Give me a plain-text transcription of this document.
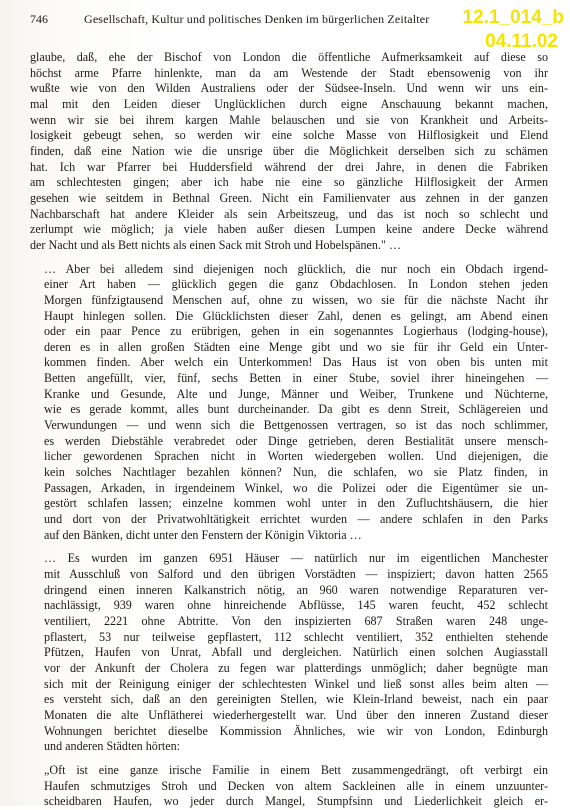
746	Gesellschaft, Kultur und politisches Denken im bürgerlichen Zeitalter	12.1_014_b

04.11.02

glaube, daß, ehe der Bischof von London die öffentliche Aufmerksamkeit auf diese so
höchst arme Pfarre hinlenkte, man da am Westende der Stadt ebensowenig von ihr
wußte wie von den Wilden Australiens oder der Südsee-Inseln. Und wenn wir uns ein-
mal mit den Leiden dieser Unglücklichen durch eigne Anschauung bekannt machen,
wenn wir sie bei ihrem kargen Mahle belauschen und sie von Krankheit und Arbeits-
losigkeit gebeugt sehen, so werden wir eine solche Masse von Hilflosigkeit und Elend
finden, daß eine Nation wie die unsrige über die Möglichkeit derselben sich zu schämen
hat. Ich war Pfarrer bei Huddersfield während der drei Jahre, in denen die Fabriken
am schlechtesten gingen; aber ich habe nie eine so gänzliche Hilflosigkeit der Armen
gesehen wie seitdem in Bethnal Green. Nicht ein Familienvater aus zehnen in der ganzen
Nachbarschaft hat andere Kleider als sein Arbeitszeug, und das ist noch so schlecht und
zerlumpt wie möglich; ja viele haben außer diesen Lumpen keine andere Decke während
der Nacht und als Bett nichts als einen Sack mit Stroh und Hobelspänen." …

… Aber bei alledem sind diejenigen noch glücklich, die nur noch ein Obdach irgend-
einer Art haben — glücklich gegen die ganz Obdachlosen. In London stehen jeden
Morgen fünfzigtausend Menschen auf, ohne zu wissen, wo sie für die nächste Nacht ihr
Haupt hinlegen sollen. Die Glücklichsten dieser Zahl, denen es gelingt, am Abend einen
oder ein paar Pence zu erübrigen, gehen in ein sogenanntes Logierhaus (lodging-house),
deren es in allen großen Städten eine Menge gibt und wo sie für ihr Geld ein Unter-
kommen finden. Aber welch ein Unterkommen! Das Haus ist von oben bis unten mit
Betten angefüllt, vier, fünf, sechs Betten in einer Stube, soviel ihrer hineingehen —
Kranke und Gesunde, Alte und Junge, Männer und Weiber, Trunkene und Nüchterne,
wie es gerade kommt, alles bunt durcheinander. Da gibt es denn Streit, Schlägereien und
Verwundungen — und wenn sich die Bettgenossen vertragen, so ist das noch schlimmer,
es werden Diebstähle verabredet oder Dinge getrieben, deren Bestialität unsere mensch-
licher gewordenen Sprachen nicht in Worten wiedergeben wollen. Und diejenigen, die
kein solches Nachtlager bezahlen können? Nun, die schlafen, wo sie Platz finden, in
Passagen, Arkaden, in irgendeinem Winkel, wo die Polizei oder die Eigentümer sie un-
gestört schlafen lassen; einzelne kommen wohl unter in den Zufluchtshäusern, die hier
und dort von der Privatwohltätigkeit errichtet wurden — andere schlafen in den Parks
auf den Bänken, dicht unter den Fenstern der Königin Viktoria …

… Es wurden im ganzen 6951 Häuser — natürlich nur im eigentlichen Manchester
mit Ausschluß von Salford und den übrigen Vorstädten — inspiziert; davon hatten 2565
dringend einen inneren Kalkanstrich nötig, an 960 waren notwendige Reparaturen ver-
nachlässigt, 939 waren ohne hinreichende Abflüsse, 145 waren feucht, 452 schlecht
ventiliert, 2221 ohne Abtritte. Von den inspizierten 687 Straßen waren 248 unge-
pflastert, 53 nur teilweise gepflastert, 112 schlecht ventiliert, 352 enthielten stehende
Pfützen, Haufen von Unrat, Abfall und dergleichen. Natürlich einen solchen Augiasstall
vor der Ankunft der Cholera zu fegen war platterdings unmöglich; daher begnügte man
sich mit der Reinigung einiger der schlechtesten Winkel und ließ sonst alles beim alten —
es versteht sich, daß an den gereinigten Stellen, wie Klein-Irland beweist, nach ein paar
Monaten die alte Unflätherei wiederhergestellt war. Und über den inneren Zustand dieser
Wohnungen berichtet dieselbe Kommission Ähnliches, wie wir von London, Edinburgh
und anderen Städten hörten:

„Oft ist eine ganze irische Familie in einem Bett zusammengedrängt, oft verbirgt ein
Haufen schmutziges Stroh und Decken von altem Sackleinen alle in einem unzuunter-
scheidbaren Haufen, wo jeder durch Mangel, Stumpfsinn und Liederlichkeit gleich er-
